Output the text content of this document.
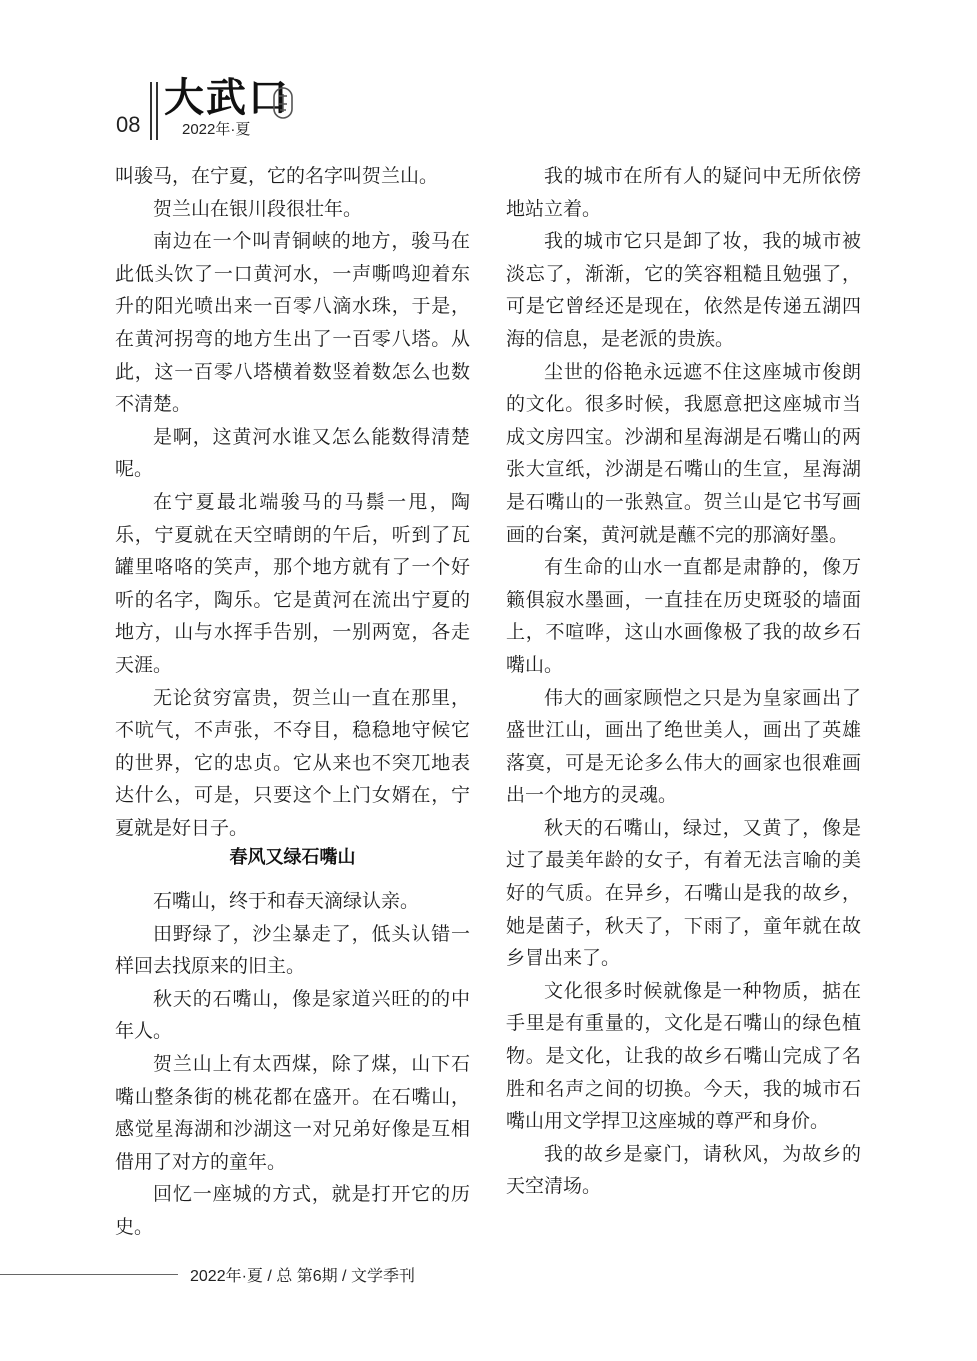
08
大武口
2022年·夏

叫骏马，在宁夏，它的名字叫贺兰山。

贺兰山在银川段很壮年。

南边在一个叫青铜峡的地方，骏马在此低头饮了一口黄河水，一声嘶鸣迎着东升的阳光喷出来一百零八滴水珠，于是，在黄河拐弯的地方生出了一百零八塔。从此，这一百零八塔横着数竖着数怎么也数不清楚。

是啊，这黄河水谁又怎么能数得清楚呢。

在宁夏最北端骏马的马鬃一甩，陶乐，宁夏就在天空晴朗的午后，听到了瓦罐里咯咯的笑声，那个地方就有了一个好听的名字，陶乐。它是黄河在流出宁夏的地方，山与水挥手告别，一别两宽，各走天涯。

无论贫穷富贵，贺兰山一直在那里，不吭气，不声张，不夺目，稳稳地守候它的世界，它的忠贞。它从来也不突兀地表达什么，可是，只要这个上门女婿在，宁夏就是好日子。

春风又绿石嘴山

石嘴山，终于和春天滴绿认亲。

田野绿了，沙尘暴走了，低头认错一样回去找原来的旧主。

秋天的石嘴山，像是家道兴旺的的中年人。

贺兰山上有太西煤，除了煤，山下石嘴山整条街的桃花都在盛开。在石嘴山，感觉星海湖和沙湖这一对兄弟好像是互相借用了对方的童年。

回忆一座城的方式，就是打开它的历史。

我的城市在所有人的疑问中无所依傍地站立着。

我的城市它只是卸了妆，我的城市被淡忘了，渐渐，它的笑容粗糙且勉强了，可是它曾经还是现在，依然是传递五湖四海的信息，是老派的贵族。

尘世的俗艳永远遮不住这座城市俊朗的文化。很多时候，我愿意把这座城市当成文房四宝。沙湖和星海湖是石嘴山的两张大宣纸，沙湖是石嘴山的生宣，星海湖是石嘴山的一张熟宣。贺兰山是它书写画画的台案，黄河就是蘸不完的那滴好墨。

有生命的山水一直都是肃静的，像万籁俱寂水墨画，一直挂在历史斑驳的墙面上，不喧哗，这山水画像极了我的故乡石嘴山。

伟大的画家顾恺之只是为皇家画出了盛世江山，画出了绝世美人，画出了英雄落寞，可是无论多么伟大的画家也很难画出一个地方的灵魂。

秋天的石嘴山，绿过，又黄了，像是过了最美年龄的女子，有着无法言喻的美好的气质。在异乡，石嘴山是我的故乡，她是菌子，秋天了，下雨了，童年就在故乡冒出来了。

文化很多时候就像是一种物质，掂在手里是有重量的，文化是石嘴山的绿色植物。是文化，让我的故乡石嘴山完成了名胜和名声之间的切换。今天，我的城市石嘴山用文学捍卫这座城的尊严和身价。

我的故乡是豪门，请秋风，为故乡的天空清场。

2022年·夏 / 总 第6期 / 文学季刊
